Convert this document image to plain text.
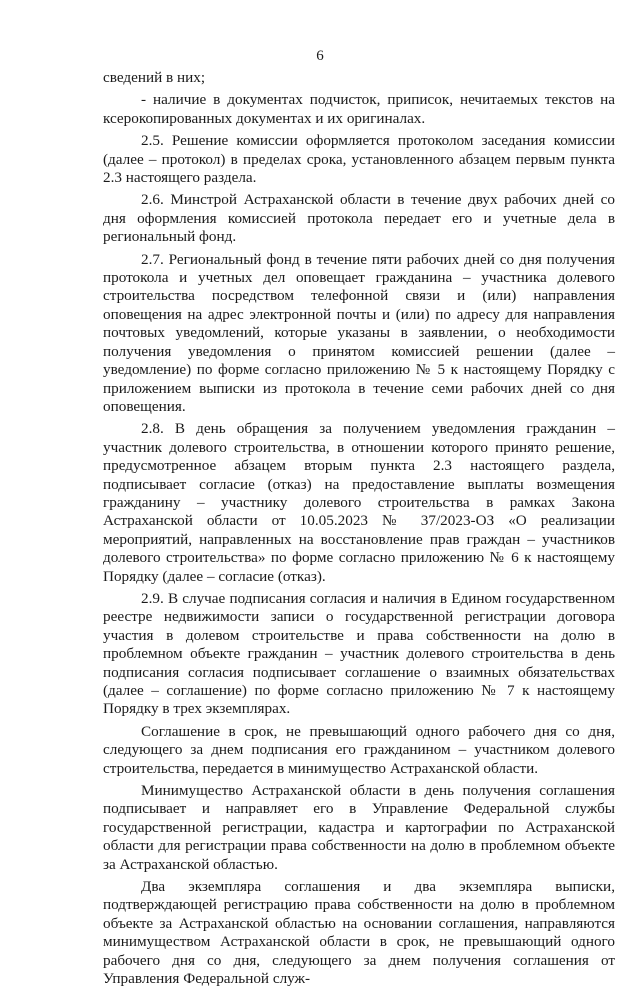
6

сведений в них;

- наличие в документах подчисток, приписок, нечитаемых текстов на ксерокопированных документах и их оригиналах.

2.5. Решение комиссии оформляется протоколом заседания комиссии (далее – протокол) в пределах срока, установленного абзацем первым пункта 2.3 настоящего раздела.

2.6. Минстрой Астраханской области в течение двух рабочих дней со дня оформления комиссией протокола передает его и учетные дела в региональный фонд.

2.7. Региональный фонд в течение пяти рабочих дней со дня получения протокола и учетных дел оповещает гражданина – участника долевого строительства посредством телефонной связи и (или) направления оповещения на адрес электронной почты и (или) по адресу для направления почтовых уведомлений, которые указаны в заявлении, о необходимости получения уведомления о принятом комиссией решении (далее – уведомление) по форме согласно приложению № 5 к настоящему Порядку с приложением выписки из протокола в течение семи рабочих дней со дня оповещения.

2.8. В день обращения за получением уведомления гражданин – участник долевого строительства, в отношении которого принято решение, предусмотренное абзацем вторым пункта 2.3 настоящего раздела, подписывает согласие (отказ) на предоставление выплаты возмещения гражданину – участнику долевого строительства в рамках Закона Астраханской области от 10.05.2023 № 37/2023-ОЗ «О реализации мероприятий, направленных на восстановление прав граждан – участников долевого строительства» по форме согласно приложению № 6 к настоящему Порядку (далее – согласие (отказ).

2.9. В случае подписания согласия и наличия в Едином государственном реестре недвижимости записи о государственной регистрации договора участия в долевом строительстве и права собственности на долю в проблемном объекте гражданин – участник долевого строительства в день подписания согласия подписывает соглашение о взаимных обязательствах (далее – соглашение) по форме согласно приложению № 7 к настоящему Порядку в трех экземплярах.

Соглашение в срок, не превышающий одного рабочего дня со дня, следующего за днем подписания его гражданином – участником долевого строительства, передается в минимущество Астраханской области.

Минимущество Астраханской области в день получения соглашения подписывает и направляет его в Управление Федеральной службы государственной регистрации, кадастра и картографии по Астраханской области для регистрации права собственности на долю в проблемном объекте за Астраханской областью.

Два экземпляра соглашения и два экземпляра выписки, подтверждающей регистрацию права собственности на долю в проблемном объекте за Астраханской областью на основании соглашения, направляются минимуществом Астраханской области в срок, не превышающий одного рабочего дня со дня, следующего за днем получения соглашения от Управления Федеральной служ-
